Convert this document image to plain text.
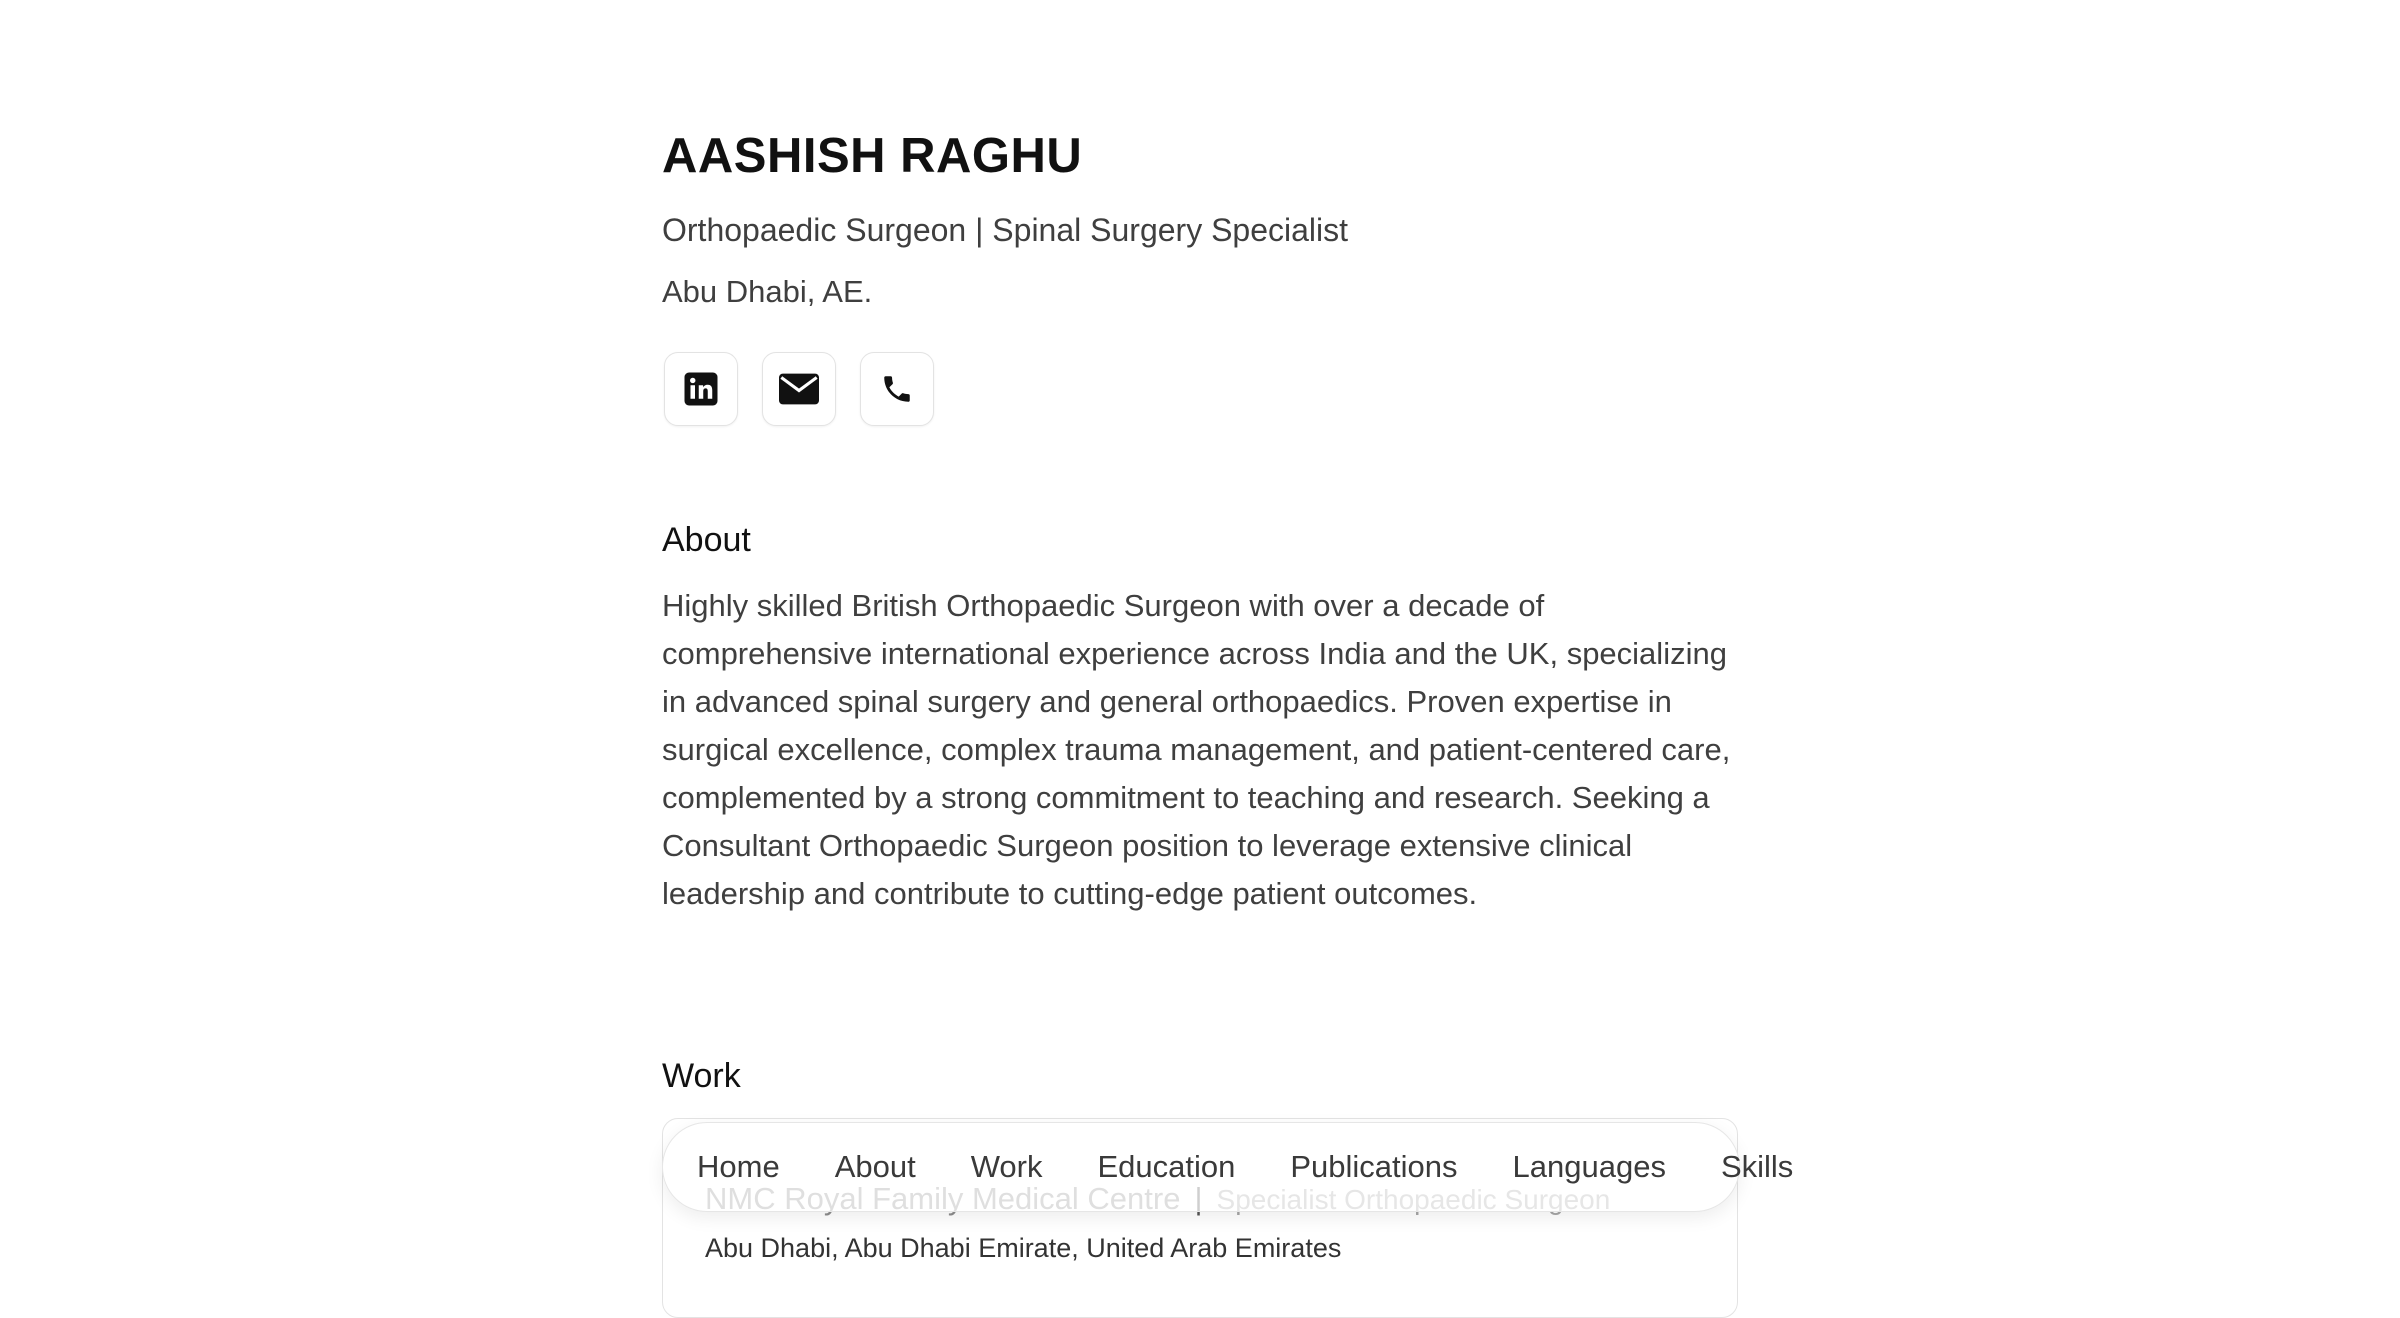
AASHISH RAGHU

Orthopaedic Surgeon | Spinal Surgery Specialist

Abu Dhabi, AE.

About

Highly skilled British Orthopaedic Surgeon with over a decade of comprehensive international experience across India and the UK, specializing in advanced spinal surgery and general orthopaedics. Proven expertise in surgical excellence, complex trauma management, and patient-centered care, complemented by a strong commitment to teaching and research. Seeking a Consultant Orthopaedic Surgeon position to leverage extensive clinical leadership and contribute to cutting-edge patient outcomes.

Work
Abu Dhabi, Abu Dhabi Emirate, United Arab Emirates
Home About Work Education Publications Languages Skills
